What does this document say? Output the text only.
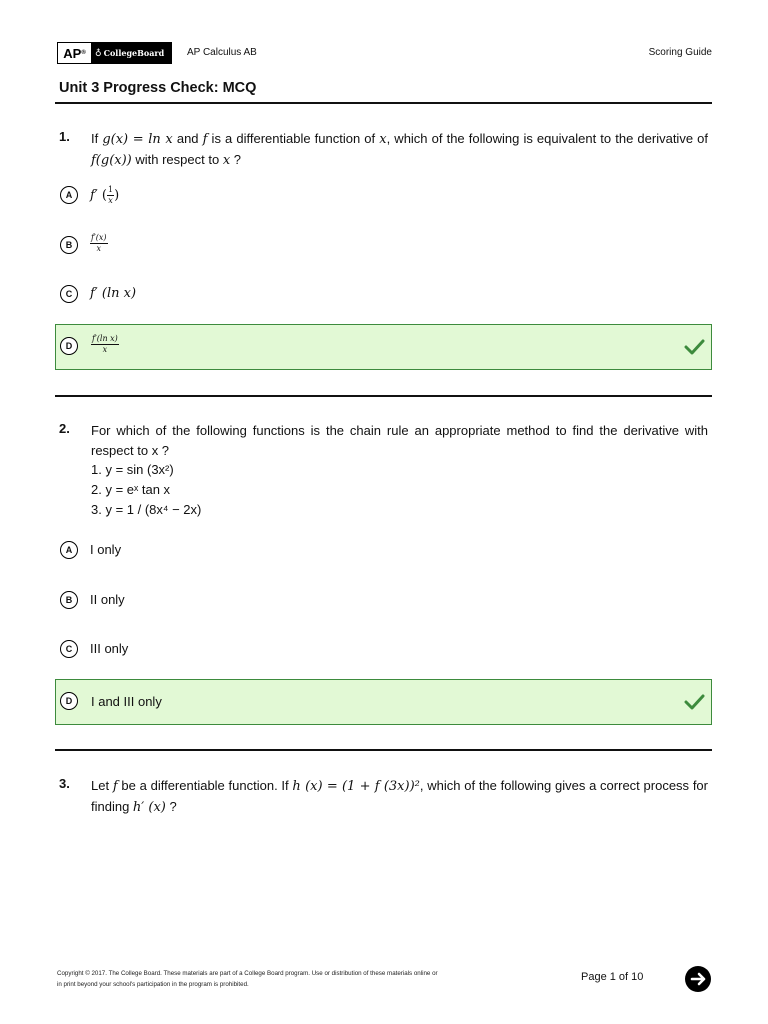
AP ® ♁ CollegeBoard AP Calculus AB	Scoring Guide
Unit 3 Progress Check: MCQ
1. If g(x) = ln x and f is a differentiable function of x, which of the following is equivalent to the derivative of f(g(x)) with respect to x ?
A	f′ ( $\frac{1}{x}$ )
B	$\frac{f'(x)}{x}$
C	f′ (ln x)
D	$\frac{\text{f′(ln x)}}{x}$
2. For which of the following functions is the chain rule an appropriate method to find the derivative with respect to x ?
1. y = sin (3x²)
2. y = eˣ tan x
3. y = 1 / (8x⁴ − 2x)
A	I only
B	II only
C	III only
D	I and III only
3. Let f be a differentiable function. If h (x) = (1 + f (3x))², which of the following gives a correct process for finding h′ (x) ?
Copyright © 2017. The College Board. These materials are part of a College Board program. Use or distribution of these materials online or
in print beyond your school's participation in the program is prohibited.
Page 1 of 10
